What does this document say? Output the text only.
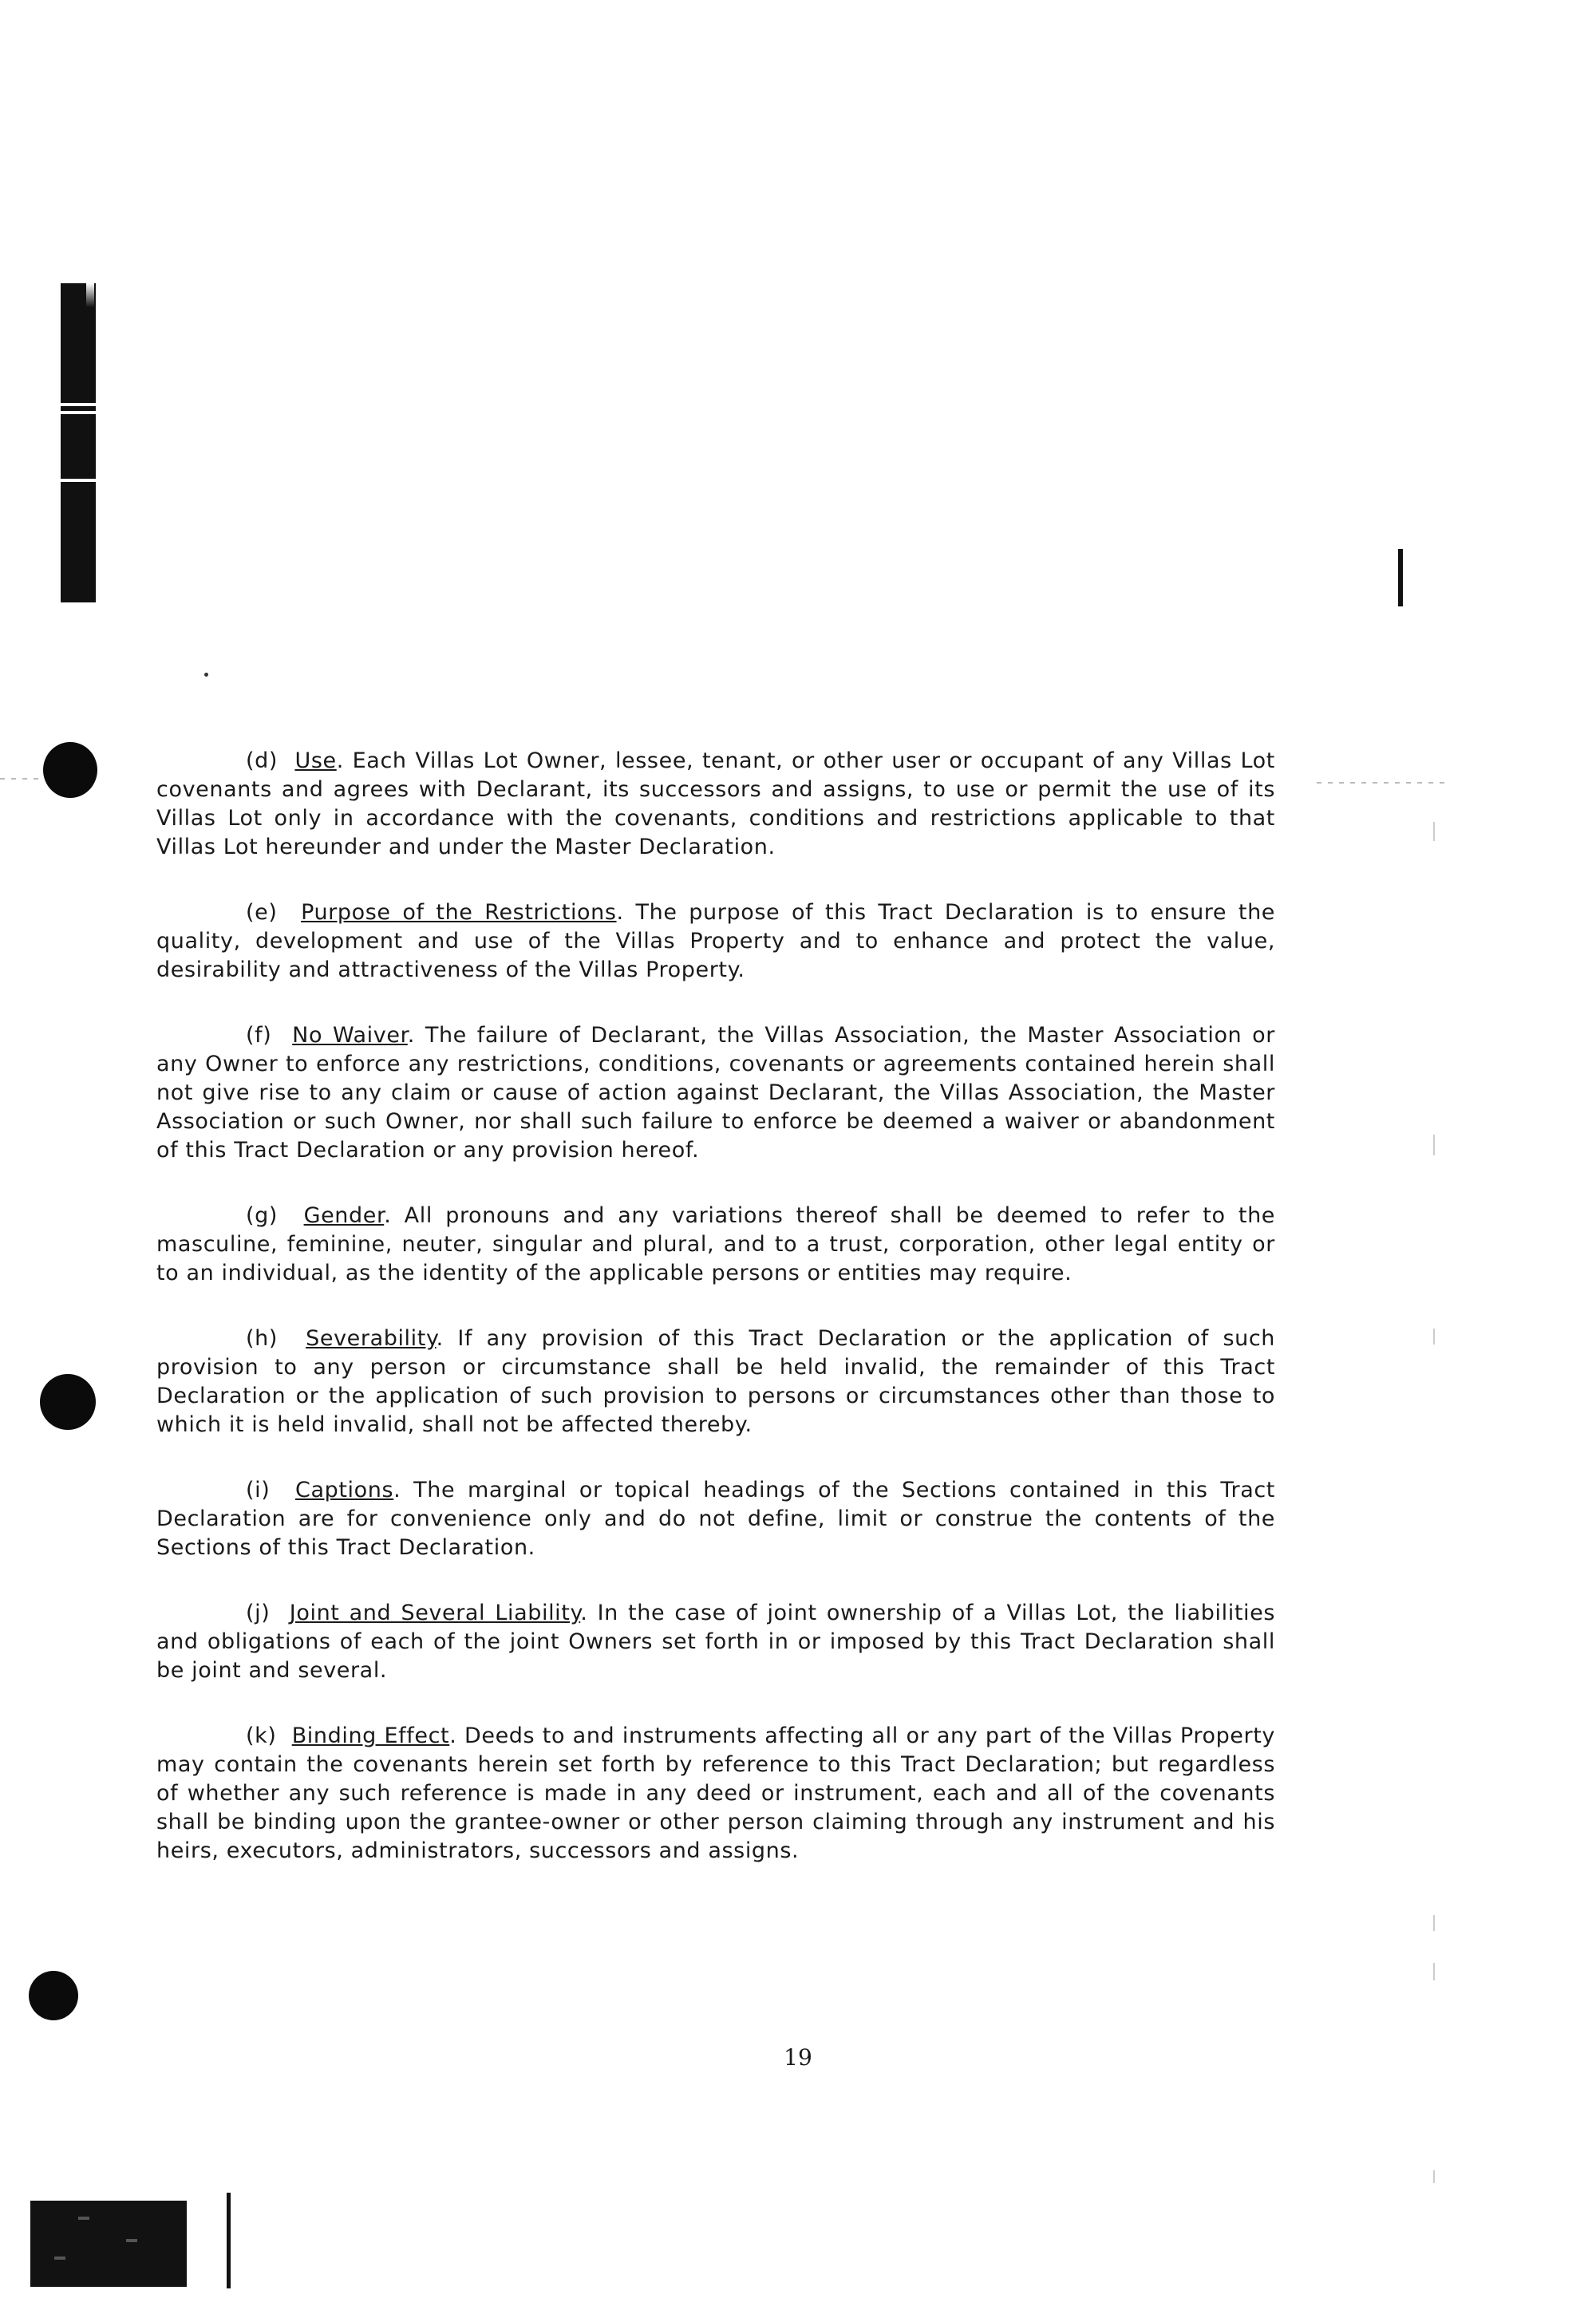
(d) Use. Each Villas Lot Owner, lessee, tenant, or other user or occupant of any Villas Lot covenants and agrees with Declarant, its successors and assigns, to use or permit the use of its Villas Lot only in accordance with the covenants, conditions and restrictions applicable to that Villas Lot hereunder and under the Master Declaration.

(e) Purpose of the Restrictions. The purpose of this Tract Declaration is to ensure the quality, development and use of the Villas Property and to enhance and protect the value, desirability and attractiveness of the Villas Property.

(f) No Waiver. The failure of Declarant, the Villas Association, the Master Association or any Owner to enforce any restrictions, conditions, covenants or agreements contained herein shall not give rise to any claim or cause of action against Declarant, the Villas Association, the Master Association or such Owner, nor shall such failure to enforce be deemed a waiver or abandonment of this Tract Declaration or any provision hereof.

(g) Gender. All pronouns and any variations thereof shall be deemed to refer to the masculine, feminine, neuter, singular and plural, and to a trust, corporation, other legal entity or to an individual, as the identity of the applicable persons or entities may require.

(h) Severability. If any provision of this Tract Declaration or the application of such provision to any person or circumstance shall be held invalid, the remainder of this Tract Declaration or the application of such provision to persons or circumstances other than those to which it is held invalid, shall not be affected thereby.

(i) Captions. The marginal or topical headings of the Sections contained in this Tract Declaration are for convenience only and do not define, limit or construe the contents of the Sections of this Tract Declaration.

(j) Joint and Several Liability. In the case of joint ownership of a Villas Lot, the liabilities and obligations of each of the joint Owners set forth in or imposed by this Tract Declaration shall be joint and several.

(k) Binding Effect. Deeds to and instruments affecting all or any part of the Villas Property may contain the covenants herein set forth by reference to this Tract Declaration; but regardless of whether any such reference is made in any deed or instrument, each and all of the covenants shall be binding upon the grantee-owner or other person claiming through any instrument and his heirs, executors, administrators, successors and assigns.

19
